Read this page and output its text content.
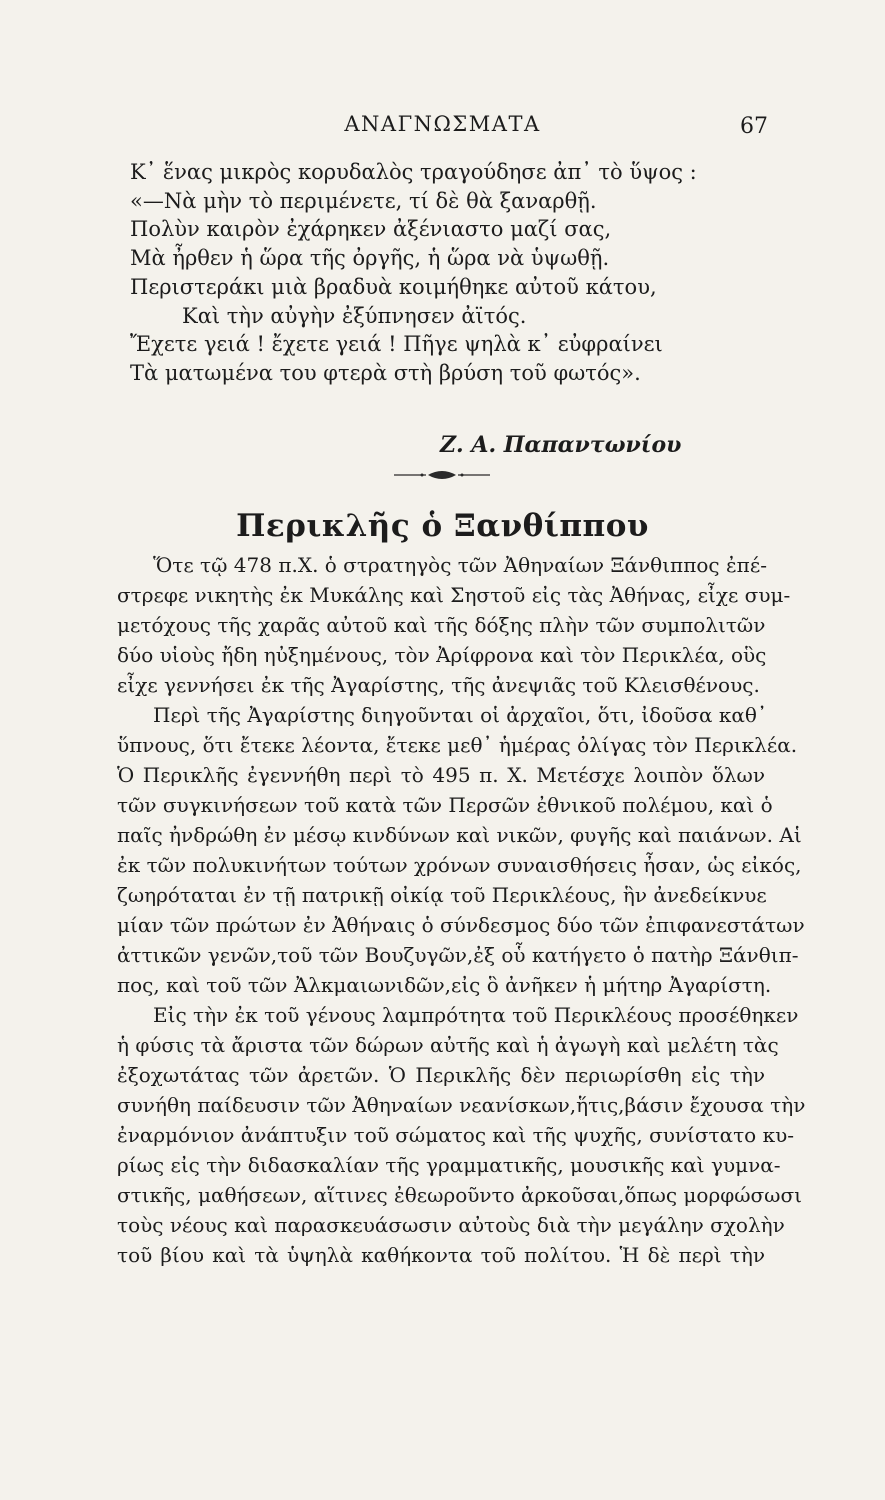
ΑΝΑΓΝΩΣΜΑΤΑ	67
Κ᾿ ἕνας μικρὸς κορυδαλὸς τραγούδησε ἀπ᾿ τὸ ὕψος :
«—Νὰ μὴν τὸ περιμένετε, τί δὲ θὰ ξαναρθῇ.
Πολὺν καιρὸν ἐχάρηκεν ἀξένιαστο μαζί σας,
Μὰ ἦρθεν ἡ ὥρα τῆς ὀργῆς, ἡ ὥρα νὰ ὑψωθῇ.
Περιστεράκι μιὰ βραδυὰ κοιμήθηκε αὐτοῦ κάτου,
Καὶ τὴν αὐγὴν ἐξύπνησεν ἀϊτός.
Ἔχετε γειά ! ἔχετε γειά ! Πῆγε ψηλὰ κ᾿ εὐφραίνει
Τὰ ματωμένα του φτερὰ στὴ βρύση τοῦ φωτός».
Ζ. Α. Παπαντωνίου
Περικλῆς ὁ Ξανθίππου
Ὅτε τῷ 478 π.Χ. ὁ στρατηγὸς τῶν Ἀθηναίων Ξάνθιππος ἐπέ-
στρεφε νικητὴς ἐκ Μυκάλης καὶ Σηστοῦ εἰς τὰς Ἀθήνας, εἶχε συμ-
μετόχους τῆς χαρᾶς αὐτοῦ καὶ τῆς δόξης πλὴν τῶν συμπολιτῶν
δύο υἱοὺς ἤδη ηὐξημένους, τὸν Ἀρίφρονα καὶ τὸν Περικλέα, οὓς
εἶχε γεννήσει ἐκ τῆς Ἀγαρίστης, τῆς ἀνεψιᾶς τοῦ Κλεισθένους.
Περὶ τῆς Ἀγαρίστης διηγοῦνται οἱ ἀρχαῖοι, ὅτι, ἰδοῦσα καθ᾿
ὕπνους, ὅτι ἔτεκε λέοντα, ἔτεκε μεθ᾿ ἡμέρας ὀλίγας τὸν Περικλέα.
Ὁ Περικλῆς ἐγεννήθη περὶ τὸ 495 π. Χ. Μετέσχε λοιπὸν ὅλων
τῶν συγκινήσεων τοῦ κατὰ τῶν Περσῶν ἐθνικοῦ πολέμου, καὶ ὁ
παῖς ἠνδρώθη ἐν μέσῳ κινδύνων καὶ νικῶν, φυγῆς καὶ παιάνων. Αἱ
ἐκ τῶν πολυκινήτων τούτων χρόνων συναισθήσεις ἦσαν, ὡς εἰκός,
ζωηρόταται ἐν τῇ πατρικῇ οἰκίᾳ τοῦ Περικλέους, ἣν ἀνεδείκνυε
μίαν τῶν πρώτων ἐν Ἀθήναις ὁ σύνδεσμος δύο τῶν ἐπιφανεστάτων
ἀττικῶν γενῶν,τοῦ τῶν Βουζυγῶν,ἐξ οὗ κατήγετο ὁ πατὴρ Ξάνθιπ-
πος, καὶ τοῦ τῶν Ἀλκμαιωνιδῶν,εἰς ὃ ἀνῆκεν ἡ μήτηρ Ἀγαρίστη.
Εἰς τὴν ἐκ τοῦ γένους λαμπρότητα τοῦ Περικλέους προσέθηκεν
ἡ φύσις τὰ ἄριστα τῶν δώρων αὐτῆς καὶ ἡ ἀγωγὴ καὶ μελέτη τὰς
ἐξοχωτάτας τῶν ἀρετῶν. Ὁ Περικλῆς δὲν περιωρίσθη εἰς τὴν
συνήθη παίδευσιν τῶν Ἀθηναίων νεανίσκων,ἥτις,βάσιν ἔχουσα τὴν
ἐναρμόνιον ἀνάπτυξιν τοῦ σώματος καὶ τῆς ψυχῆς, συνίστατο κυ-
ρίως εἰς τὴν διδασκαλίαν τῆς γραμματικῆς, μουσικῆς καὶ γυμνα-
στικῆς, μαθήσεων, αἵτινες ἐθεωροῦντο ἀρκοῦσαι,ὅπως μορφώσωσι
τοὺς νέους καὶ παρασκευάσωσιν αὐτοὺς διὰ τὴν μεγάλην σχολὴν
τοῦ βίου καὶ τὰ ὑψηλὰ καθήκοντα τοῦ πολίτου. Ἡ δὲ περὶ τὴν
